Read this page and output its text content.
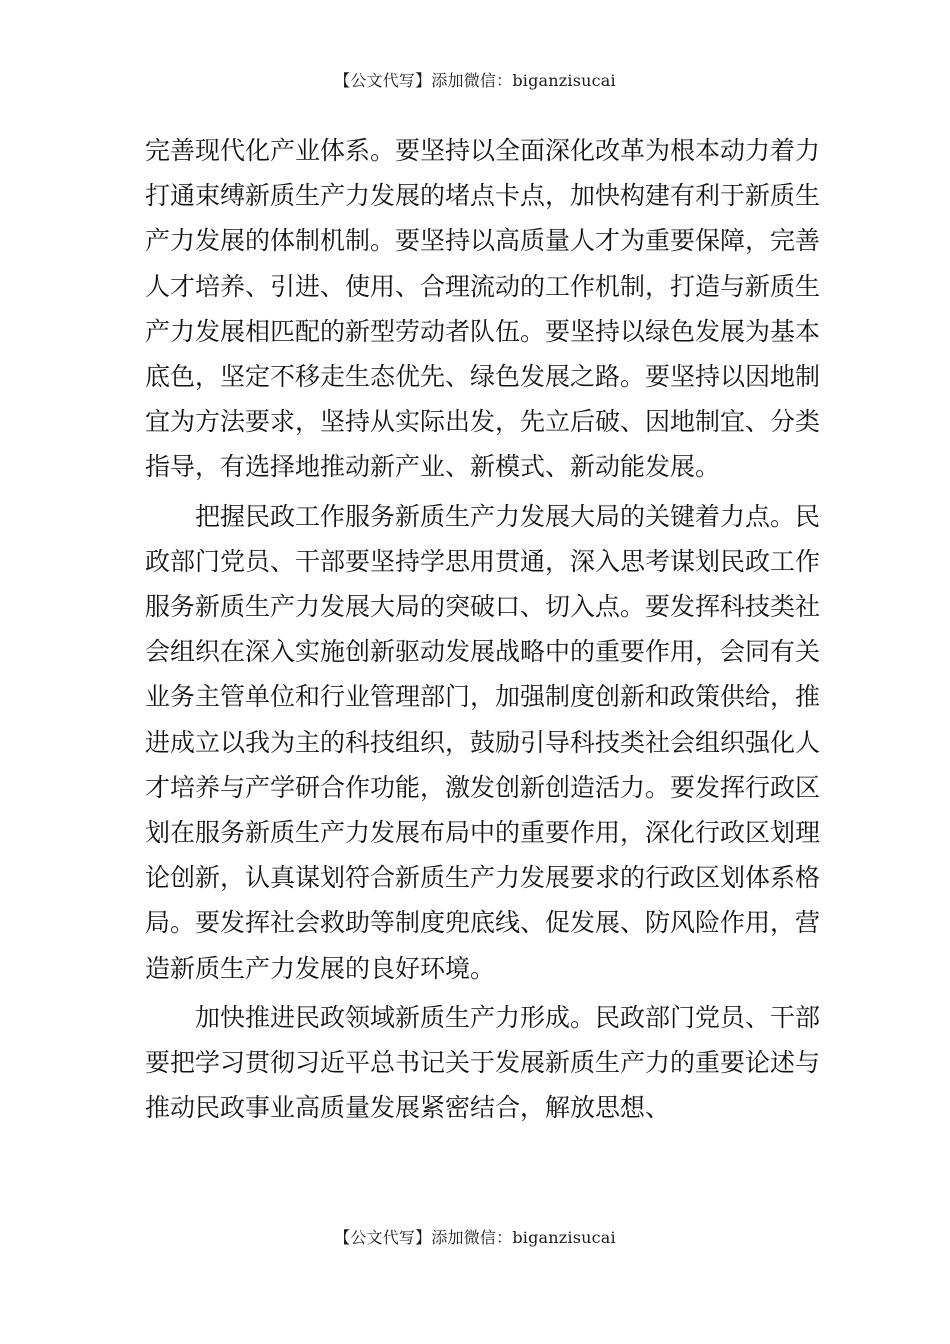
【公文代写】添加微信：biganzisucai

完善现代化产业体系。要坚持以全面深化改革为根本动力着力打通束缚新质生产力发展的堵点卡点，加快构建有利于新质生产力发展的体制机制。要坚持以高质量人才为重要保障，完善人才培养、引进、使用、合理流动的工作机制，打造与新质生产力发展相匹配的新型劳动者队伍。要坚持以绿色发展为基本底色，坚定不移走生态优先、绿色发展之路。要坚持以因地制宜为方法要求，坚持从实际出发，先立后破、因地制宜、分类指导，有选择地推动新产业、新模式、新动能发展。

把握民政工作服务新质生产力发展大局的关键着力点。民政部门党员、干部要坚持学思用贯通，深入思考谋划民政工作服务新质生产力发展大局的突破口、切入点。要发挥科技类社会组织在深入实施创新驱动发展战略中的重要作用，会同有关业务主管单位和行业管理部门，加强制度创新和政策供给，推进成立以我为主的科技组织，鼓励引导科技类社会组织强化人才培养与产学研合作功能，激发创新创造活力。要发挥行政区划在服务新质生产力发展布局中的重要作用，深化行政区划理论创新，认真谋划符合新质生产力发展要求的行政区划体系格局。要发挥社会救助等制度兜底线、促发展、防风险作用，营造新质生产力发展的良好环境。

加快推进民政领域新质生产力形成。民政部门党员、干部要把学习贯彻习近平总书记关于发展新质生产力的重要论述与推动民政事业高质量发展紧密结合，解放思想、

【公文代写】添加微信：biganzisucai
